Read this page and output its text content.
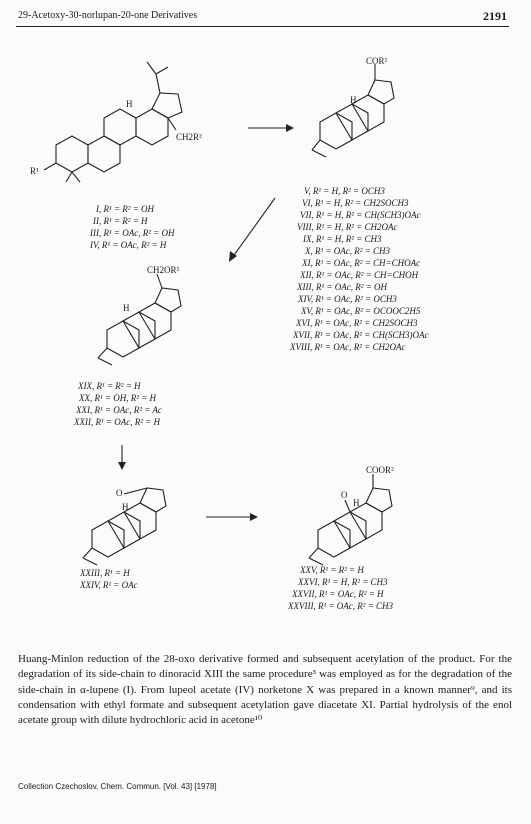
29-Acetoxy-30-norlupan-20-one Derivatives	2191
H
CH2R²
R¹
COR²
H
CH2OR²
H
O
H
COOR²
O
H
I, R¹ = R² = OH
II, R¹ = R² = H
III, R¹ = OAc, R² = OH
IV, R¹ = OAc, R² = H
V, R¹ = H, R² = OCH3
VI, R¹ = H, R² = CH2SOCH3
VII, R¹ = H, R² = CH(SCH3)OAc
VIII, R¹ = H, R² = CH2OAc
IX, R¹ = H, R² = CH3
X, R¹ = OAc, R² = CH3
XI, R¹ = OAc, R² = CH=CHOAc
XII, R¹ = OAc, R² = CH=CHOH
XIII, R¹ = OAc, R² = OH
XIV, R¹ = OAc, R² = OCH3
XV, R¹ = OAc, R² = OCOOC2H5
XVI, R¹ = OAc, R² = CH2SOCH3
XVII, R¹ = OAc, R² = CH(SCH3)OAc
XVIII, R¹ = OAc, R² = CH2OAc
XIX, R¹ = R² = H
XX, R¹ = OH, R² = H
XXI, R¹ = OAc, R² = Ac
XXII, R¹ = OAc, R² = H
XXIII, R¹ = H
XXIV, R¹ = OAc
XXV, R¹ = R² = H
XXVI, R¹ = H, R² = CH3
XXVII, R¹ = OAc, R² = H
XXVIII, R¹ = OAc, R² = CH3

Huang-Minlon reduction of the 28-oxo derivative formed and subsequent acetylation of the product. For the degradation of its side-chain to dinoracid XIII the same procedure³ was employed as for the degradation of the side-chain in α-lupene (I). From lupeol acetate (IV) norketone X was prepared in a known manner⁹, and its condensation with ethyl formate and subsequent acetylation gave diacetate XI. Partial hydrolysis of the enol acetate group with dilute hydrochloric acid in acetone¹⁰

Collection Czechoslov. Chem. Commun. [Vol. 43] [1978]
